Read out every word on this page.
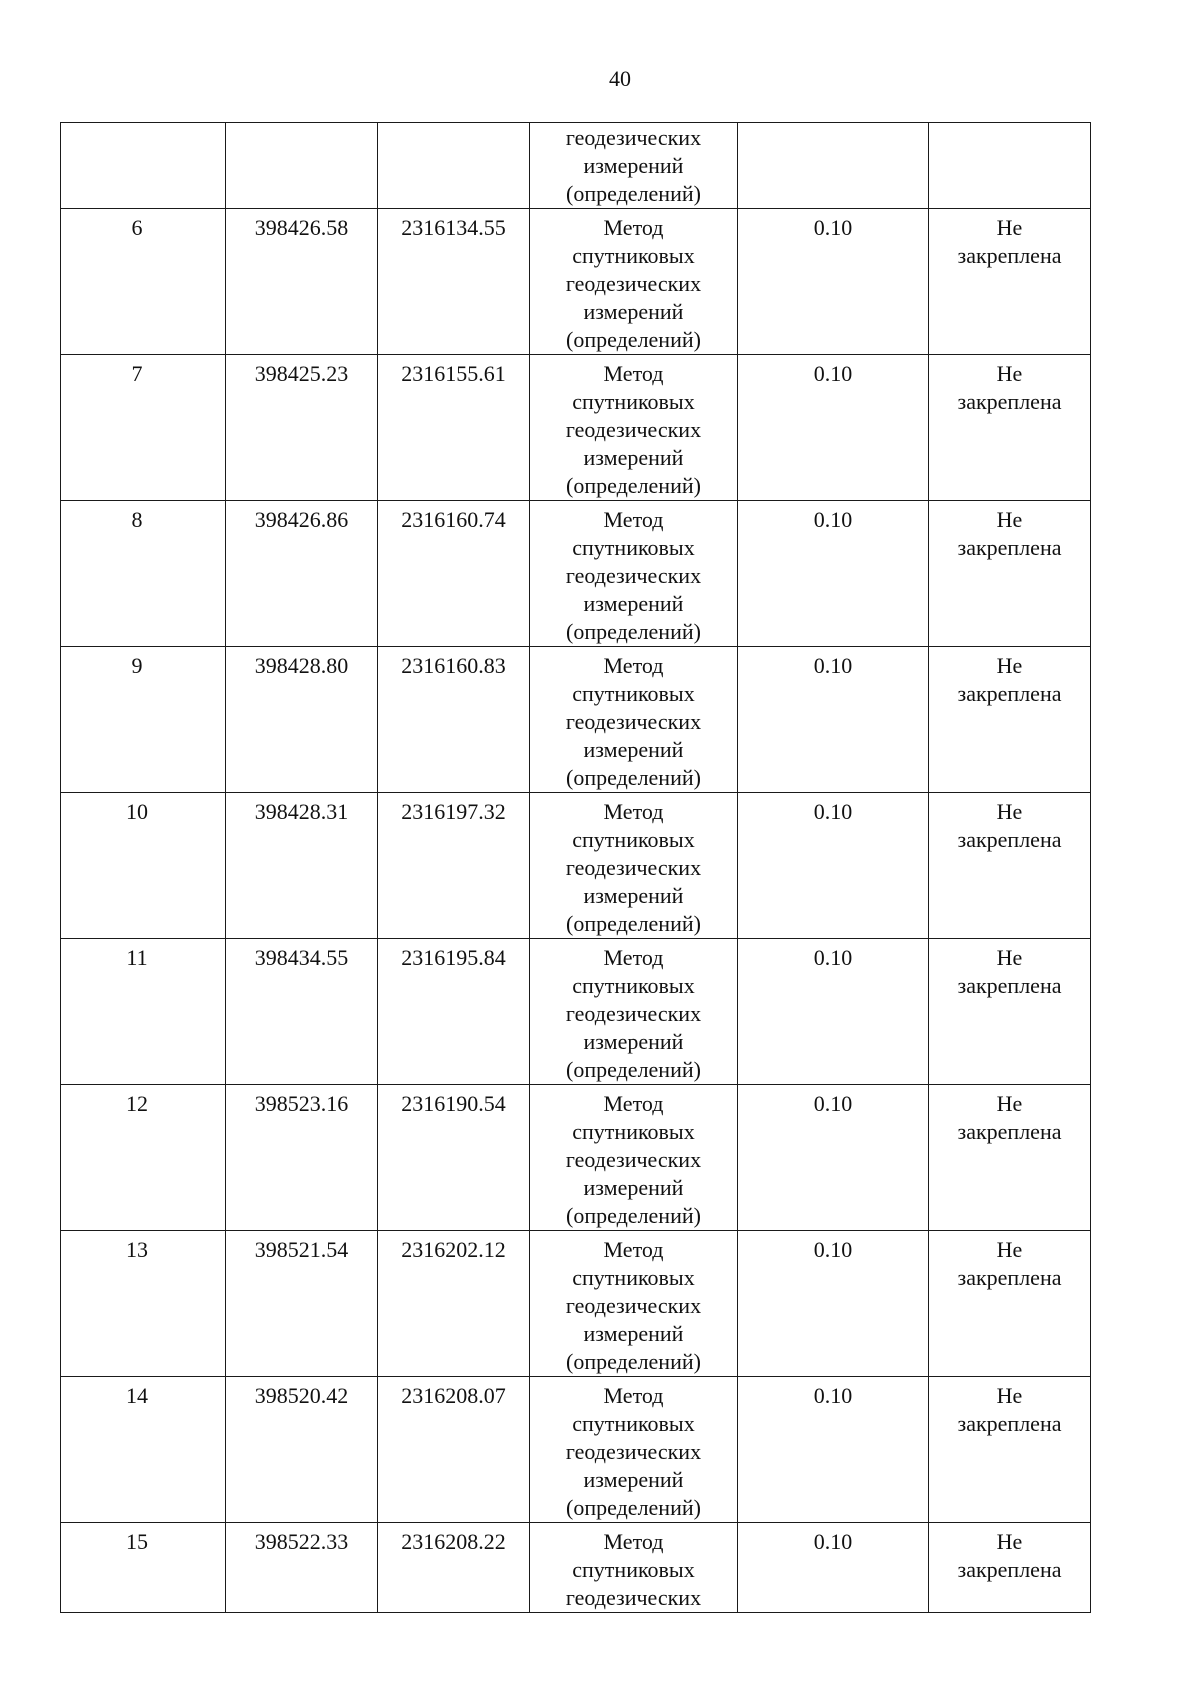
40

			геодезических
измерений
(определений)		

6	398426.58	2316134.55	Метод
спутниковых
геодезических
измерений
(определений)	0.10	Не
закреплена

7	398425.23	2316155.61	Метод
спутниковых
геодезических
измерений
(определений)	0.10	Не
закреплена

8	398426.86	2316160.74	Метод
спутниковых
геодезических
измерений
(определений)	0.10	Не
закреплена

9	398428.80	2316160.83	Метод
спутниковых
геодезических
измерений
(определений)	0.10	Не
закреплена

10	398428.31	2316197.32	Метод
спутниковых
геодезических
измерений
(определений)	0.10	Не
закреплена

11	398434.55	2316195.84	Метод
спутниковых
геодезических
измерений
(определений)	0.10	Не
закреплена

12	398523.16	2316190.54	Метод
спутниковых
геодезических
измерений
(определений)	0.10	Не
закреплена

13	398521.54	2316202.12	Метод
спутниковых
геодезических
измерений
(определений)	0.10	Не
закреплена

14	398520.42	2316208.07	Метод
спутниковых
геодезических
измерений
(определений)	0.10	Не
закреплена

15	398522.33	2316208.22	Метод
спутниковых
геодезических	0.10	Не
закреплена
